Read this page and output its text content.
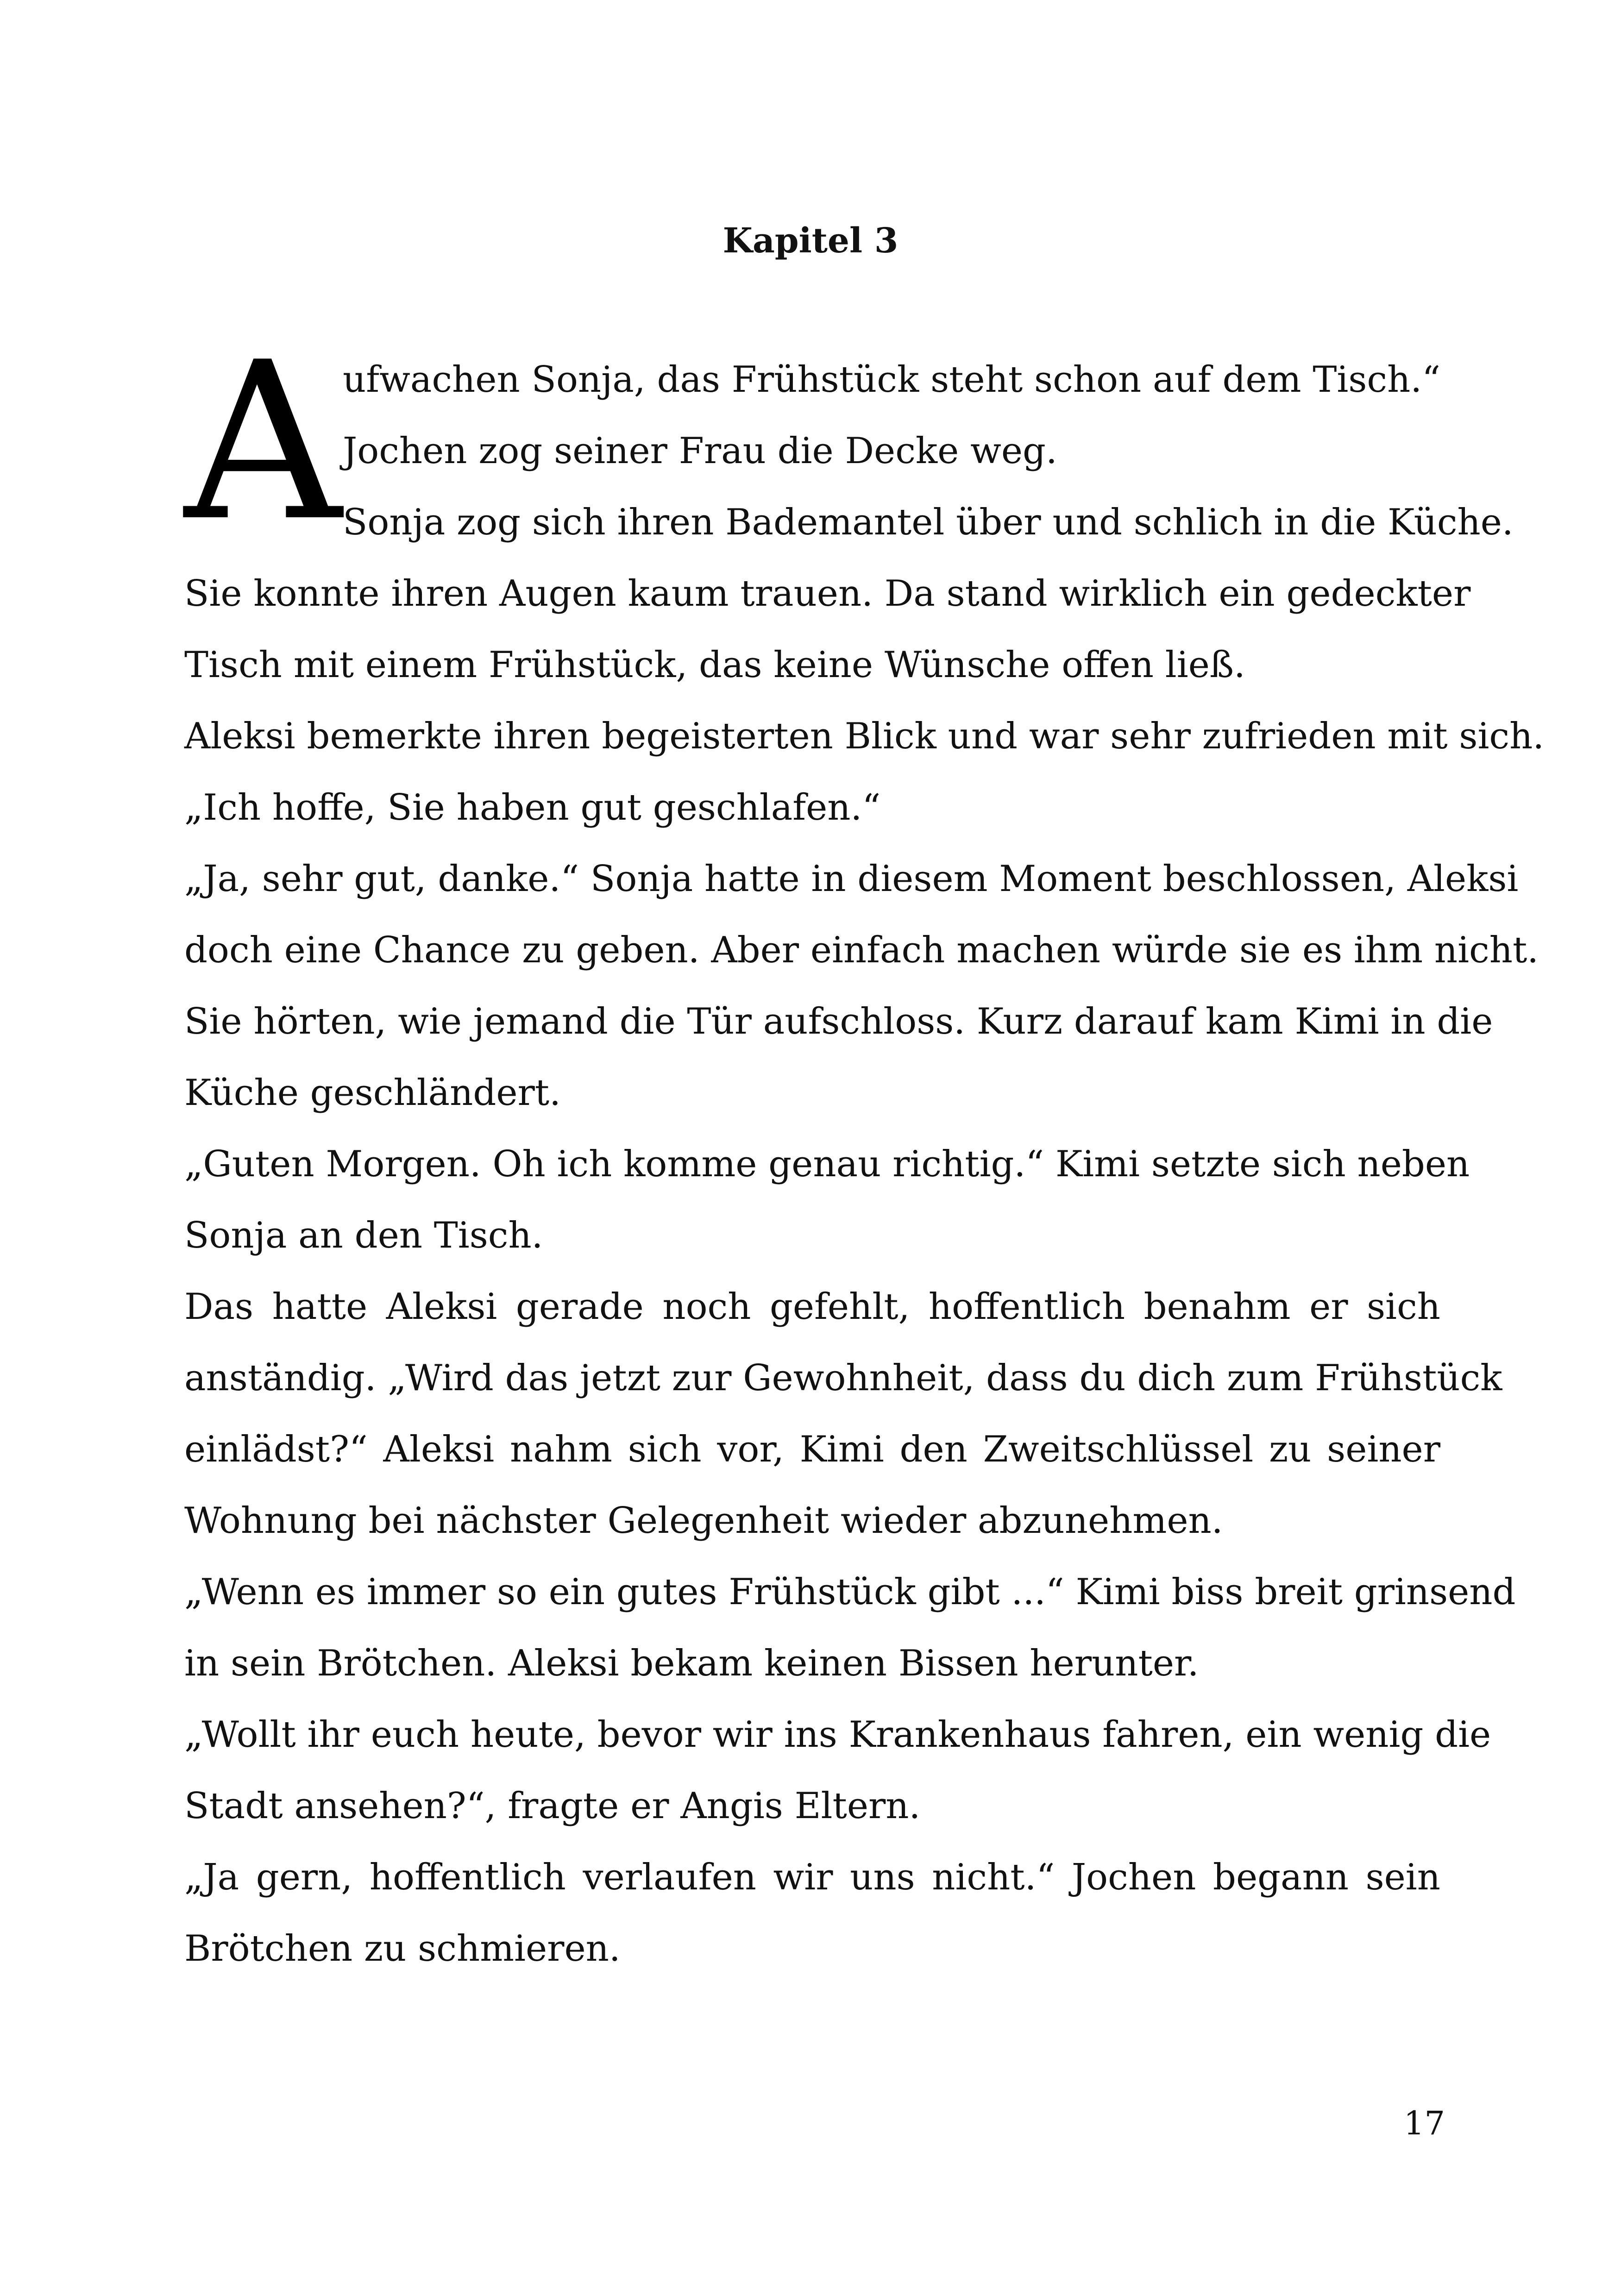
Kapitel 3
A ufwachen Sonja, das Frühstück steht schon auf dem Tisch.“
Jochen zog seiner Frau die Decke weg.
Sonja zog sich ihren Bademantel über und schlich in die Küche.
Sie konnte ihren Augen kaum trauen. Da stand wirklich ein gedeckter
Tisch mit einem Frühstück, das keine Wünsche offen ließ.
Aleksi bemerkte ihren begeisterten Blick und war sehr zufrieden mit sich.
„Ich hoffe, Sie haben gut geschlafen.“
„Ja, sehr gut, danke.“ Sonja hatte in diesem Moment beschlossen, Aleksi
doch eine Chance zu geben. Aber einfach machen würde sie es ihm nicht.
Sie hörten, wie jemand die Tür aufschloss. Kurz darauf kam Kimi in die
Küche geschländert.
„Guten Morgen. Oh ich komme genau richtig.“ Kimi setzte sich neben
Sonja an den Tisch.
Das hatte Aleksi gerade noch gefehlt, hoffentlich benahm er sich
anständig. „Wird das jetzt zur Gewohnheit, dass du dich zum Frühstück
einlädst?“ Aleksi nahm sich vor, Kimi den Zweitschlüssel zu seiner
Wohnung bei nächster Gelegenheit wieder abzunehmen.
„Wenn es immer so ein gutes Frühstück gibt ...“ Kimi biss breit grinsend
in sein Brötchen. Aleksi bekam keinen Bissen herunter.
„Wollt ihr euch heute, bevor wir ins Krankenhaus fahren, ein wenig die
Stadt ansehen?“, fragte er Angis Eltern.
„Ja gern, hoffentlich verlaufen wir uns nicht.“ Jochen begann sein
Brötchen zu schmieren.
17
